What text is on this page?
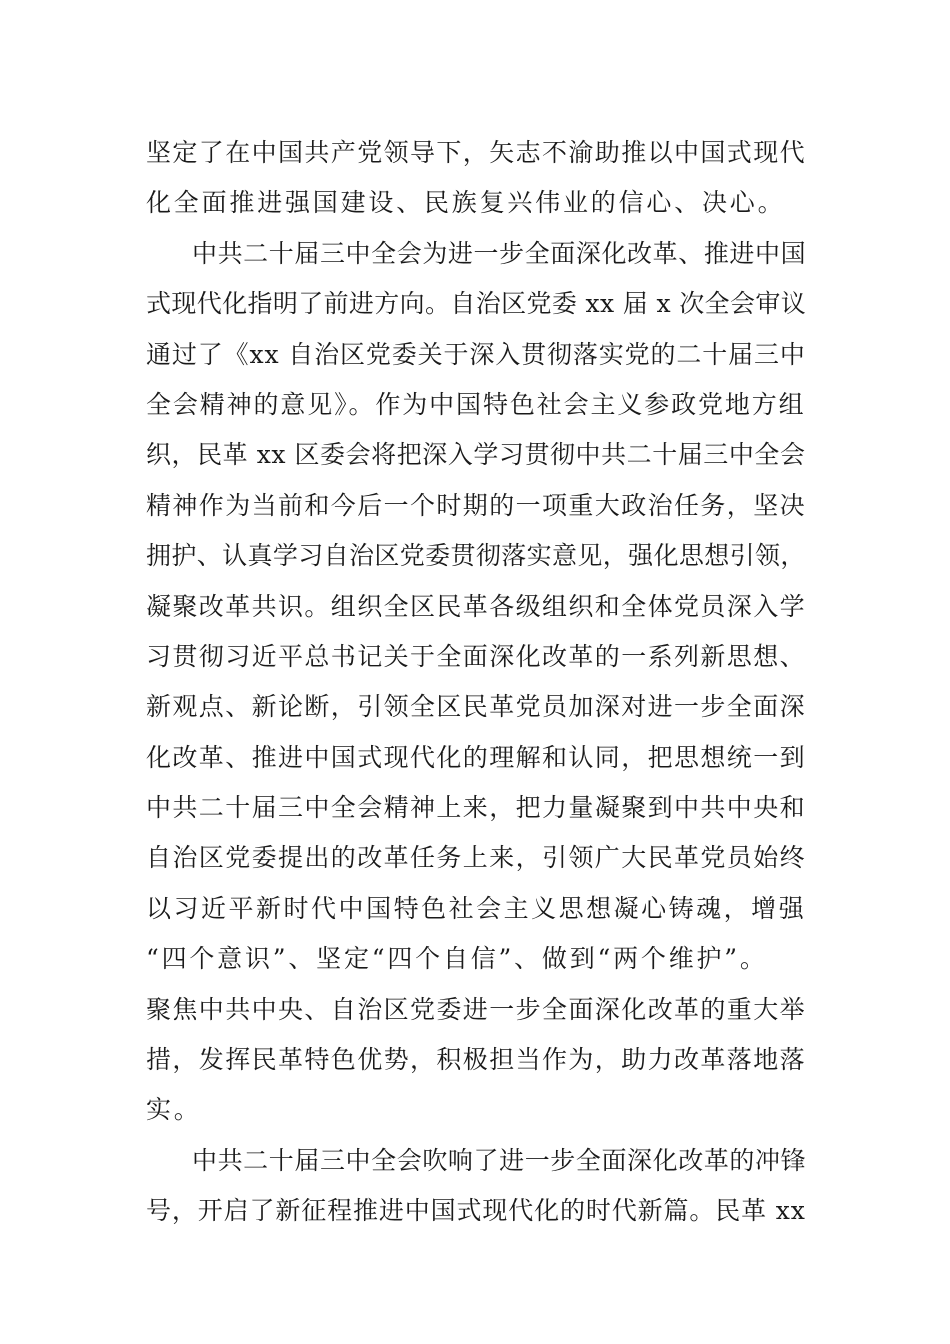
坚定了在中国共产党领导下，矢志不渝助推以中国式现代
化全面推进强国建设、民族复兴伟业的信心、决心。
中共二十届三中全会为进一步全面深化改革、推进中国
式现代化指明了前进方向。自治区党委 xx 届 x 次全会审议
通过了《xx 自治区党委关于深入贯彻落实党的二十届三中
全会精神的意见》。作为中国特色社会主义参政党地方组
织，民革 xx 区委会将把深入学习贯彻中共二十届三中全会
精神作为当前和今后一个时期的一项重大政治任务，坚决
拥护、认真学习自治区党委贯彻落实意见，强化思想引领，
凝聚改革共识。组织全区民革各级组织和全体党员深入学
习贯彻习近平总书记关于全面深化改革的一系列新思想、
新观点、新论断，引领全区民革党员加深对进一步全面深
化改革、推进中国式现代化的理解和认同，把思想统一到
中共二十届三中全会精神上来，把力量凝聚到中共中央和
自治区党委提出的改革任务上来，引领广大民革党员始终
以习近平新时代中国特色社会主义思想凝心铸魂，增强
“四个意识”、坚定“四个自信”、做到“两个维护”。
聚焦中共中央、自治区党委进一步全面深化改革的重大举
措，发挥民革特色优势，积极担当作为，助力改革落地落
实。
中共二十届三中全会吹响了进一步全面深化改革的冲锋
号，开启了新征程推进中国式现代化的时代新篇。民革 xx
